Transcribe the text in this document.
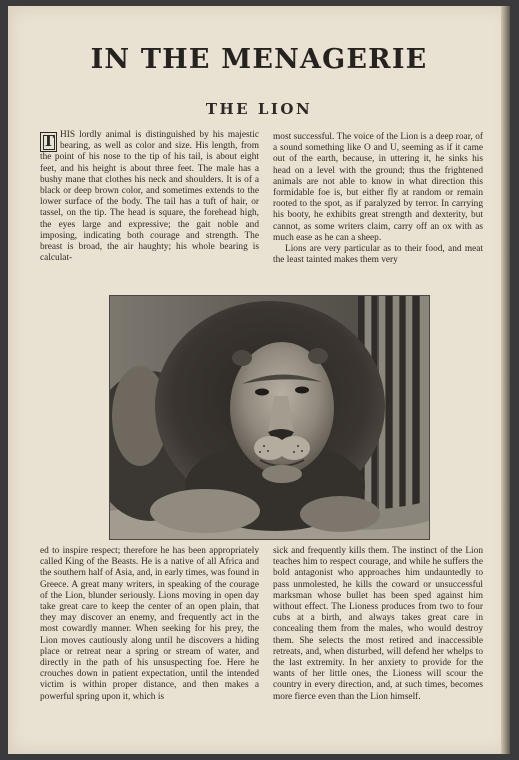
IN THE MENAGERIE
THE LION

T HIS lordly animal is distinguished by his majestic bearing, as well as color and size. His length, from the point of his nose to the tip of his tail, is about eight feet, and his height is about three feet. The male has a bushy mane that clothes his neck and shoulders. It is of a black or deep brown color, and sometimes extends to the lower surface of the body. The tail has a tuft of hair, or tassel, on the tip. The head is square, the forehead high, the eyes large and expressive; the gait noble and imposing, indicating both courage and strength. The breast is broad, the air haughty; his whole bearing is calculat-

most successful. The voice of the Lion is a deep roar, of a sound something like O and U, seeming as if it came out of the earth, because, in uttering it, he sinks his head on a level with the ground; thus the frightened animals are not able to know in what direction this formidable foe is, but either fly at random or remain rooted to the spot, as if paralyzed by terror. In carrying his booty, he exhibits great strength and dexterity, but cannot, as some writers claim, carry off an ox with as much ease as he can a sheep.

Lions are very particular as to their food, and meat the least tainted makes them very

ed to inspire respect; therefore he has been appropriately called King of the Beasts. He is a native of all Africa and the southern half of Asia, and, in early times, was found in Greece. A great many writers, in speaking of the courage of the Lion, blunder seriously. Lions moving in open day take great care to keep the center of an open plain, that they may discover an enemy, and frequently act in the most cowardly manner. When seeking for his prey, the Lion moves cautiously along until he discovers a hiding place or retreat near a spring or stream of water, and directly in the path of his unsuspecting foe. Here he crouches down in patient expectation, until the intended victim is within proper distance, and then makes a powerful spring upon it, which is

sick and frequently kills them. The instinct of the Lion teaches him to respect courage, and while he suffers the bold antagonist who approaches him undauntedly to pass unmolested, he kills the coward or unsuccessful marksman whose bullet has been sped against him without effect. The Lioness produces from two to four cubs at a birth, and always takes great care in concealing them from the males, who would destroy them. She selects the most retired and inaccessible retreats, and, when disturbed, will defend her whelps to the last extremity. In her anxiety to provide for the wants of her little ones, the Lioness will scour the country in every direction, and, at such times, becomes more fierce even than the Lion himself.
